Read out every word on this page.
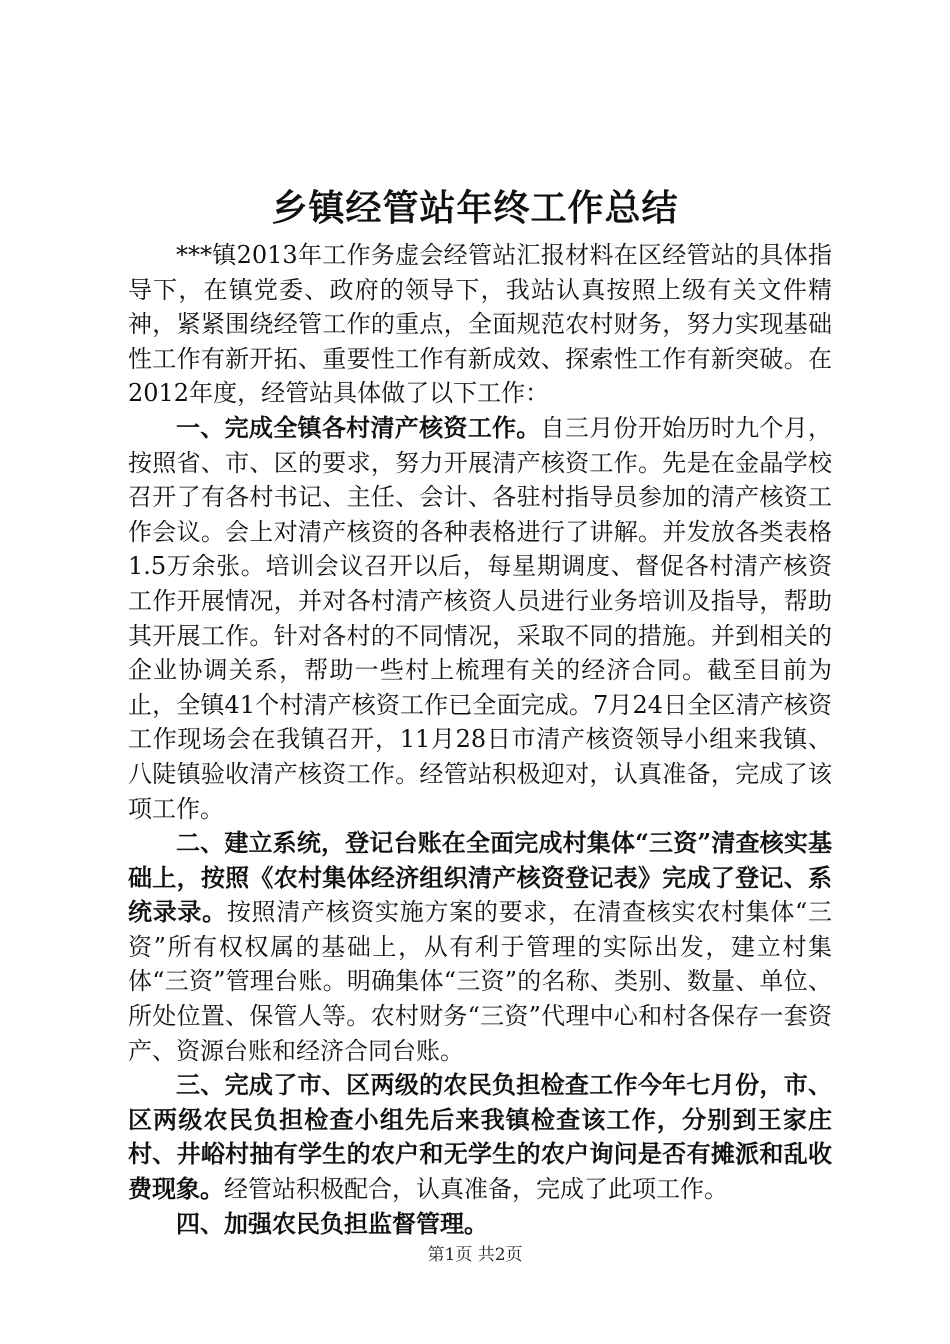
乡镇经管站年终工作总结

***镇2013年工作务虚会经管站汇报材料在区经管站的具体指导下，在镇党委、政府的领导下，我站认真按照上级有关文件精神，紧紧围绕经管工作的重点，全面规范农村财务，努力实现基础性工作有新开拓、重要性工作有新成效、探索性工作有新突破。在2012年度，经管站具体做了以下工作：

一、完成全镇各村清产核资工作。自三月份开始历时九个月，按照省、市、区的要求，努力开展清产核资工作。先是在金晶学校召开了有各村书记、主任、会计、各驻村指导员参加的清产核资工作会议。会上对清产核资的各种表格进行了讲解。并发放各类表格1.5万余张。培训会议召开以后，每星期调度、督促各村清产核资工作开展情况，并对各村清产核资人员进行业务培训及指导，帮助其开展工作。针对各村的不同情况，采取不同的措施。并到相关的企业协调关系，帮助一些村上梳理有关的经济合同。截至目前为止，全镇41个村清产核资工作已全面完成。7月24日全区清产核资工作现场会在我镇召开，11月28日市清产核资领导小组来我镇、八陡镇验收清产核资工作。经管站积极迎对，认真准备，完成了该项工作。

二、建立系统，登记台账在全面完成村集体“三资”清查核实基础上，按照《农村集体经济组织清产核资登记表》完成了登记、系统录录。按照清产核资实施方案的要求，在清查核实农村集体“三资”所有权权属的基础上，从有利于管理的实际出发，建立村集体“三资”管理台账。明确集体“三资”的名称、类别、数量、单位、所处位置、保管人等。农村财务“三资”代理中心和村各保存一套资产、资源台账和经济合同台账。

三、完成了市、区两级的农民负担检查工作今年七月份，市、区两级农民负担检查小组先后来我镇检查该工作，分别到王家庄村、井峪村抽有学生的农户和无学生的农户询问是否有摊派和乱收费现象。经管站积极配合，认真准备，完成了此项工作。

四、加强农民负担监督管理。

第1页 共2页
